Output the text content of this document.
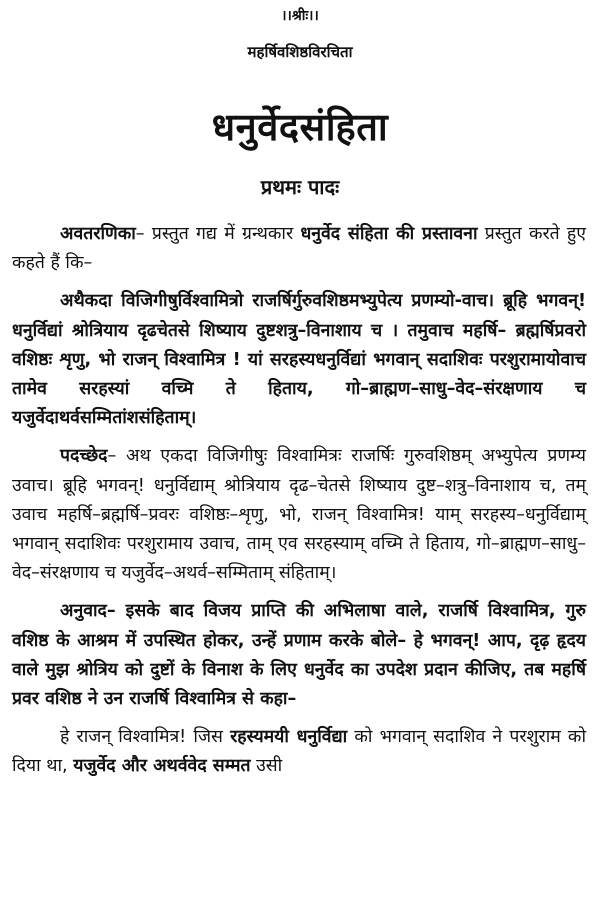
।।श्रीः।।
महर्षिवशिष्ठविरचिता
धनुर्वेदसंहिता
प्रथमः पादः

अवतरणिका– प्रस्तुत गद्य में ग्रन्थकार धनुर्वेद संहिता की प्रस्तावना प्रस्तुत करते हुए कहते हैं कि–

अथैकदा विजिगीषुर्विश्वामित्रो राजर्षिर्गुरुवशिष्ठमभ्युपेत्य प्रणम्यो-वाच। ब्रूहि भगवन्! धनुर्विद्यां श्रोत्रियाय दृढचेतसे शिष्याय दुष्टशत्रु–विनाशाय च । तमुवाच महर्षि– ब्रह्मर्षिप्रवरो वशिष्ठः शृणु, भो राजन् विश्वामित्र ! यां सरहस्यधनुर्विद्यां भगवान् सदाशिवः परशुरामायोवाच तामेव सरहस्यां वच्मि ते हिताय, गो–ब्राह्मण–साधु–वेद–संरक्षणाय च यजुर्वेदाथर्वसम्मितांशसंहिताम्।

पदच्छेद– अथ एकदा विजिगीषुः विश्वामित्रः राजर्षिः गुरुवशिष्ठम् अभ्युपेत्य प्रणम्य उवाच। ब्रूहि भगवन्! धनुर्विद्याम् श्रोत्रियाय दृढ–चेतसे शिष्याय दुष्ट–शत्रु–विनाशाय च, तम् उवाच महर्षि–ब्रह्मर्षि–प्रवरः वशिष्ठः–शृणु, भो, राजन् विश्वामित्र! याम् सरहस्य–धनुर्विद्याम् भगवान् सदाशिवः परशुरामाय उवाच, ताम् एव सरहस्याम् वच्मि ते हिताय, गो–ब्राह्मण–साधु–वेद–संरक्षणाय च यजुर्वेद–अथर्व–सम्मिताम् संहिताम्।

अनुवाद– इसके बाद विजय प्राप्ति की अभिलाषा वाले, राजर्षि विश्वामित्र, गुरु वशिष्ठ के आश्रम में उपस्थित होकर, उन्हें प्रणाम करके बोले– हे भगवन्! आप, दृढ़ हृदय वाले मुझ श्रोत्रिय को दुष्टों के विनाश के लिए धनुर्वेद का उपदेश प्रदान कीजिए, तब महर्षि प्रवर वशिष्ठ ने उन राजर्षि विश्वामित्र से कहा–

हे राजन् विश्वामित्र! जिस रहस्यमयी धनुर्विद्या को भगवान् सदाशिव ने परशुराम को दिया था, यजुर्वेद और अथर्ववेद सम्मत उसी
